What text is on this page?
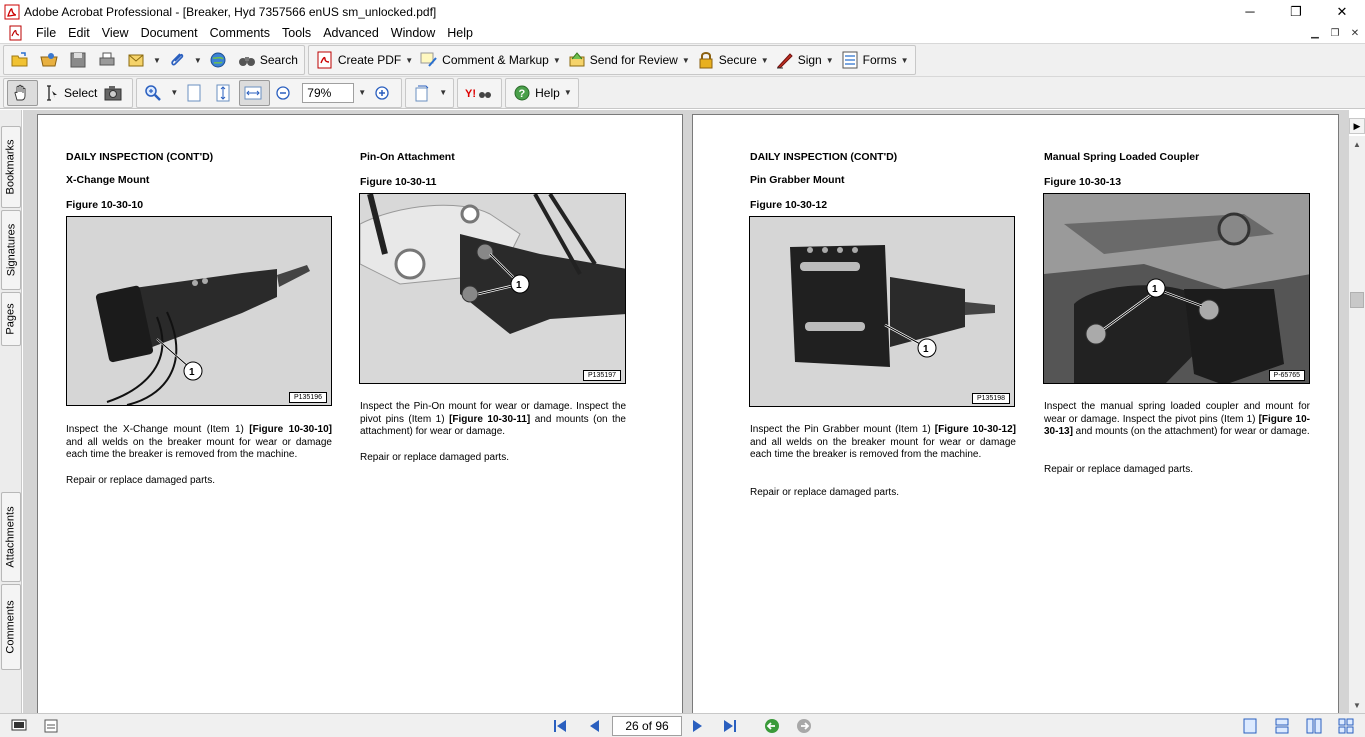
Adobe Acrobat Professional - [Breaker, Hyd 7357566 enUS sm_unlocked.pdf]	─	❐	✕
File Edit View Document Comments Tools Advanced Window Help	▁	❐	✕
▼	▼	Search	Create PDF ▼ Comment & Markup ▼ Send for Review ▼ Secure ▼ Sign ▼ Forms ▼
Select	▼	79%	▼	▼ Y!	? Help ▼
Bookmarks
Signatures
Pages
Attachments
Comments
DAILY INSPECTION (CONT'D)
X-Change Mount
Figure 10-30-10
1
P135196
Inspect the X-Change mount (Item 1) [Figure 10-30-10] and all welds on the breaker mount for wear or damage each time the breaker is removed from the machine.
Repair or replace damaged parts.
Pin-On Attachment
Figure 10-30-11
1
P135197
Inspect the Pin-On mount for wear or damage. Inspect the pivot pins (Item 1) [Figure 10-30-11] and mounts (on the attachment) for wear or damage.
Repair or replace damaged parts.
DAILY INSPECTION (CONT'D)
Pin Grabber Mount
Figure 10-30-12
1
P135198
Inspect the Pin Grabber mount (Item 1) [Figure 10-30-12] and all welds on the breaker mount for wear or damage each time the breaker is removed from the machine.
Repair or replace damaged parts.
Manual Spring Loaded Coupler
Figure 10-30-13
1
P-65765
Inspect the manual spring loaded coupler and mount for wear or damage. Inspect the pivot pins (Item 1) [Figure 10-30-13] and mounts (on the attachment) for wear or damage.
Repair or replace damaged parts.
▶
▲
▼
26 of 96
